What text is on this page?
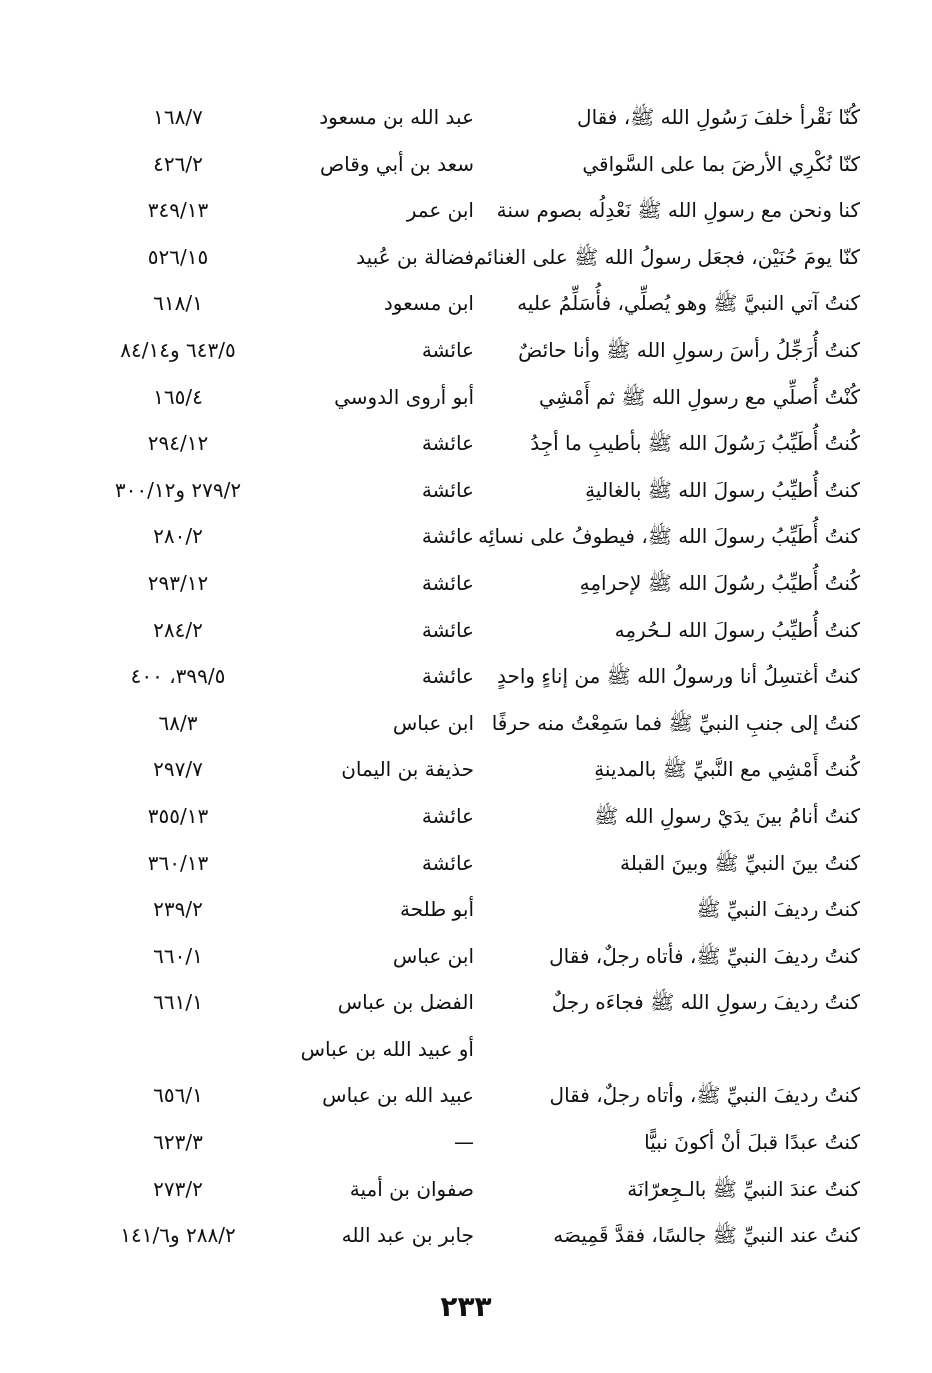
كُنّا نَقْرأ خلفَ رَسُولِ الله ﷺ، فقال
عبد الله بن مسعود
١٦٨/٧
كنّا نُكْرِي الأرضَ بما على السَّواقي
سعد بن أبي وقاص
٤٢٦/٢
كنا ونحن مع رسولِ الله ﷺ نَعْدِلُه بصوم سنة
ابن عمر
٣٤٩/١٣
كنّا يومَ حُنَيْن، فجعَل رسولُ الله ﷺ على الغنائم
فضالة بن عُبيد
٥٢٦/١٥
كنتُ آتي النبيَّ ﷺ وهو يُصلِّي، فأُسَلِّمُ عليه
ابن مسعود
٦١٨/١
كنتُ أُرَجِّلُ رأسَ رسولِ الله ﷺ وأنا حائضٌ
عائشة
٦٤٣/٥ و٨٤/١٤
كُنْتُ أُصلِّي مع رسولِ الله ﷺ ثم أَمْشِي
أبو أروى الدوسي
١٦٥/٤
كُنتُ أُطَيِّبُ رَسُولَ الله ﷺ بأطيبِ ما أجِدُ
عائشة
٢٩٤/١٢
كنتُ أُطيِّبُ رسولَ الله ﷺ بالغاليةِ
عائشة
٢٧٩/٢ و٣٠٠/١٢
كنتُ أُطَيِّبُ رسولَ الله ﷺ، فيطوفُ على نسائِه
عائشة
٢٨٠/٢
كُنتُ أُطيِّبُ رسُولَ الله ﷺ لإحرامِهِ
عائشة
٢٩٣/١٢
كنتُ أُطيِّبُ رسولَ الله لـحُرمِه
عائشة
٢٨٤/٢
كنتُ أغتسِلُ أنا ورسولُ الله ﷺ من إناءٍ واحدٍ
عائشة
٣٩٩/٥، ٤٠٠
كنتُ إلى جنبِ النبيِّ ﷺ فما سَمِعْتُ منه حرفًا
ابن عباس
٦٨/٣
كُنتُ أَمْشِي مع النَّبيِّ ﷺ بالمدينةِ
حذيفة بن اليمان
٢٩٧/٧
كنتُ أنامُ بينَ يدَيْ رسولِ الله ﷺ
عائشة
٣٥٥/١٣
كنتُ بينَ النبيِّ ﷺ وبينَ القبلة
عائشة
٣٦٠/١٣
كنتُ رديفَ النبيِّ ﷺ
أبو طلحة
٢٣٩/٢
كنتُ رديفَ النبيِّ ﷺ، فأتاه رجلٌ، فقال
ابن عباس
٦٦٠/١
كنتُ رديفَ رسولِ الله ﷺ فجاءَه رجلٌ
الفضل بن عباس
٦٦١/١
أو عبيد الله بن عباس
كنتُ رديفَ النبيِّ ﷺ، وأتاه رجلٌ، فقال
عبيد الله بن عباس
٦٥٦/١
كنتُ عبدًا قبلَ أنْ أكونَ نبيًّا
—
٦٢٣/٣
كنتُ عندَ النبيِّ ﷺ بالـجِعرّانَة
صفوان بن أمية
٢٧٣/٢
كنتُ عند النبيِّ ﷺ جالسًا، فقدَّ قَمِيصَه
جابر بن عبد الله
٢٨٨/٢ و١٤١/٦
٢٣٣
